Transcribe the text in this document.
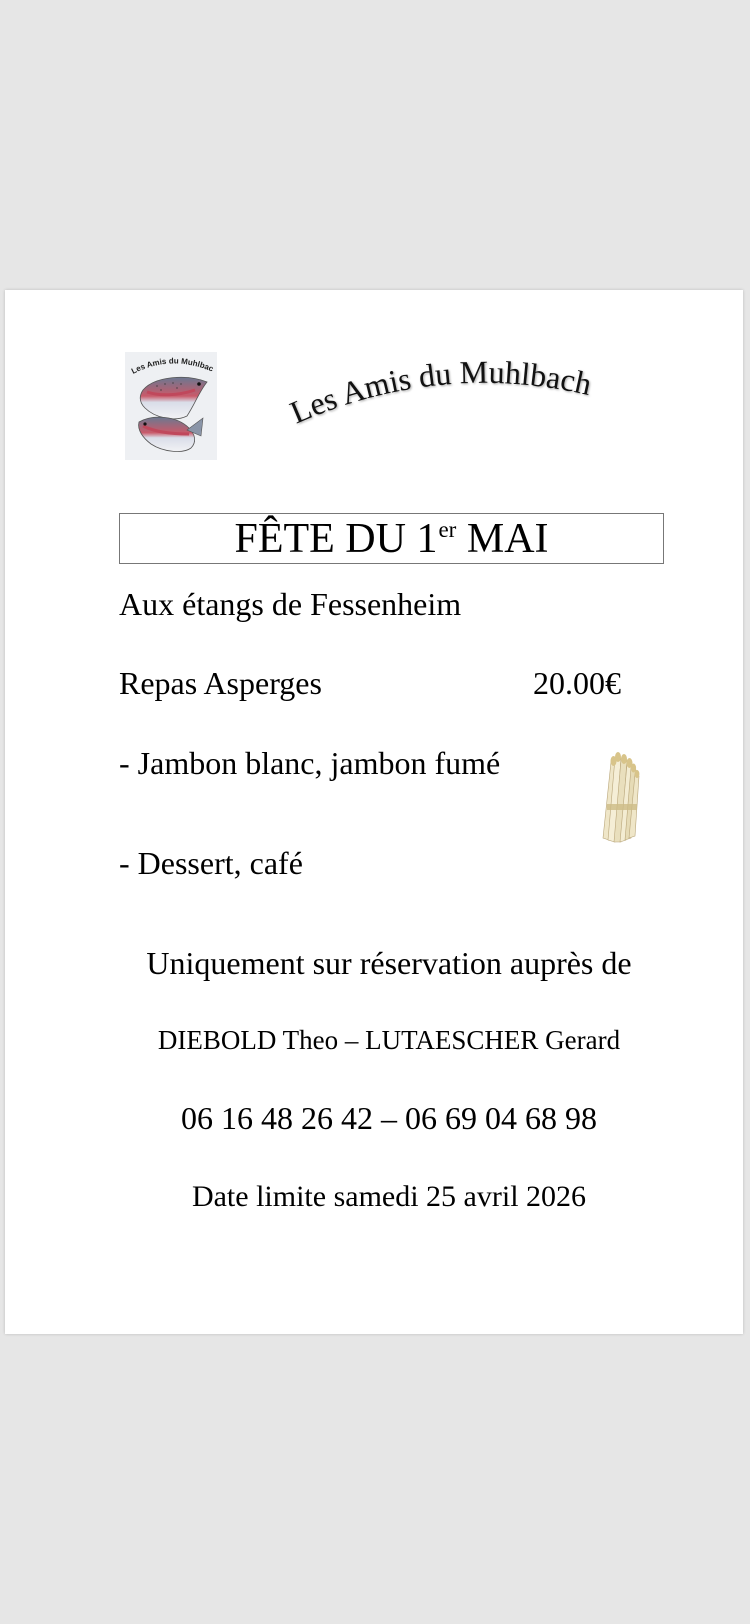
Les Amis du Muhlbac
es Amis du Muhlbach
FÊTE DU 1er MAI
Aux étangs de Fessenheim
Repas Asperges	20.00€
- Jambon blanc, jambon fumé
- Dessert, café
Uniquement sur réservation auprès de
DIEBOLD Theo – LUTAESCHER Gerard
06 16 48 26 42 – 06 69 04 68 98
Date limite samedi 25 avril 2026
